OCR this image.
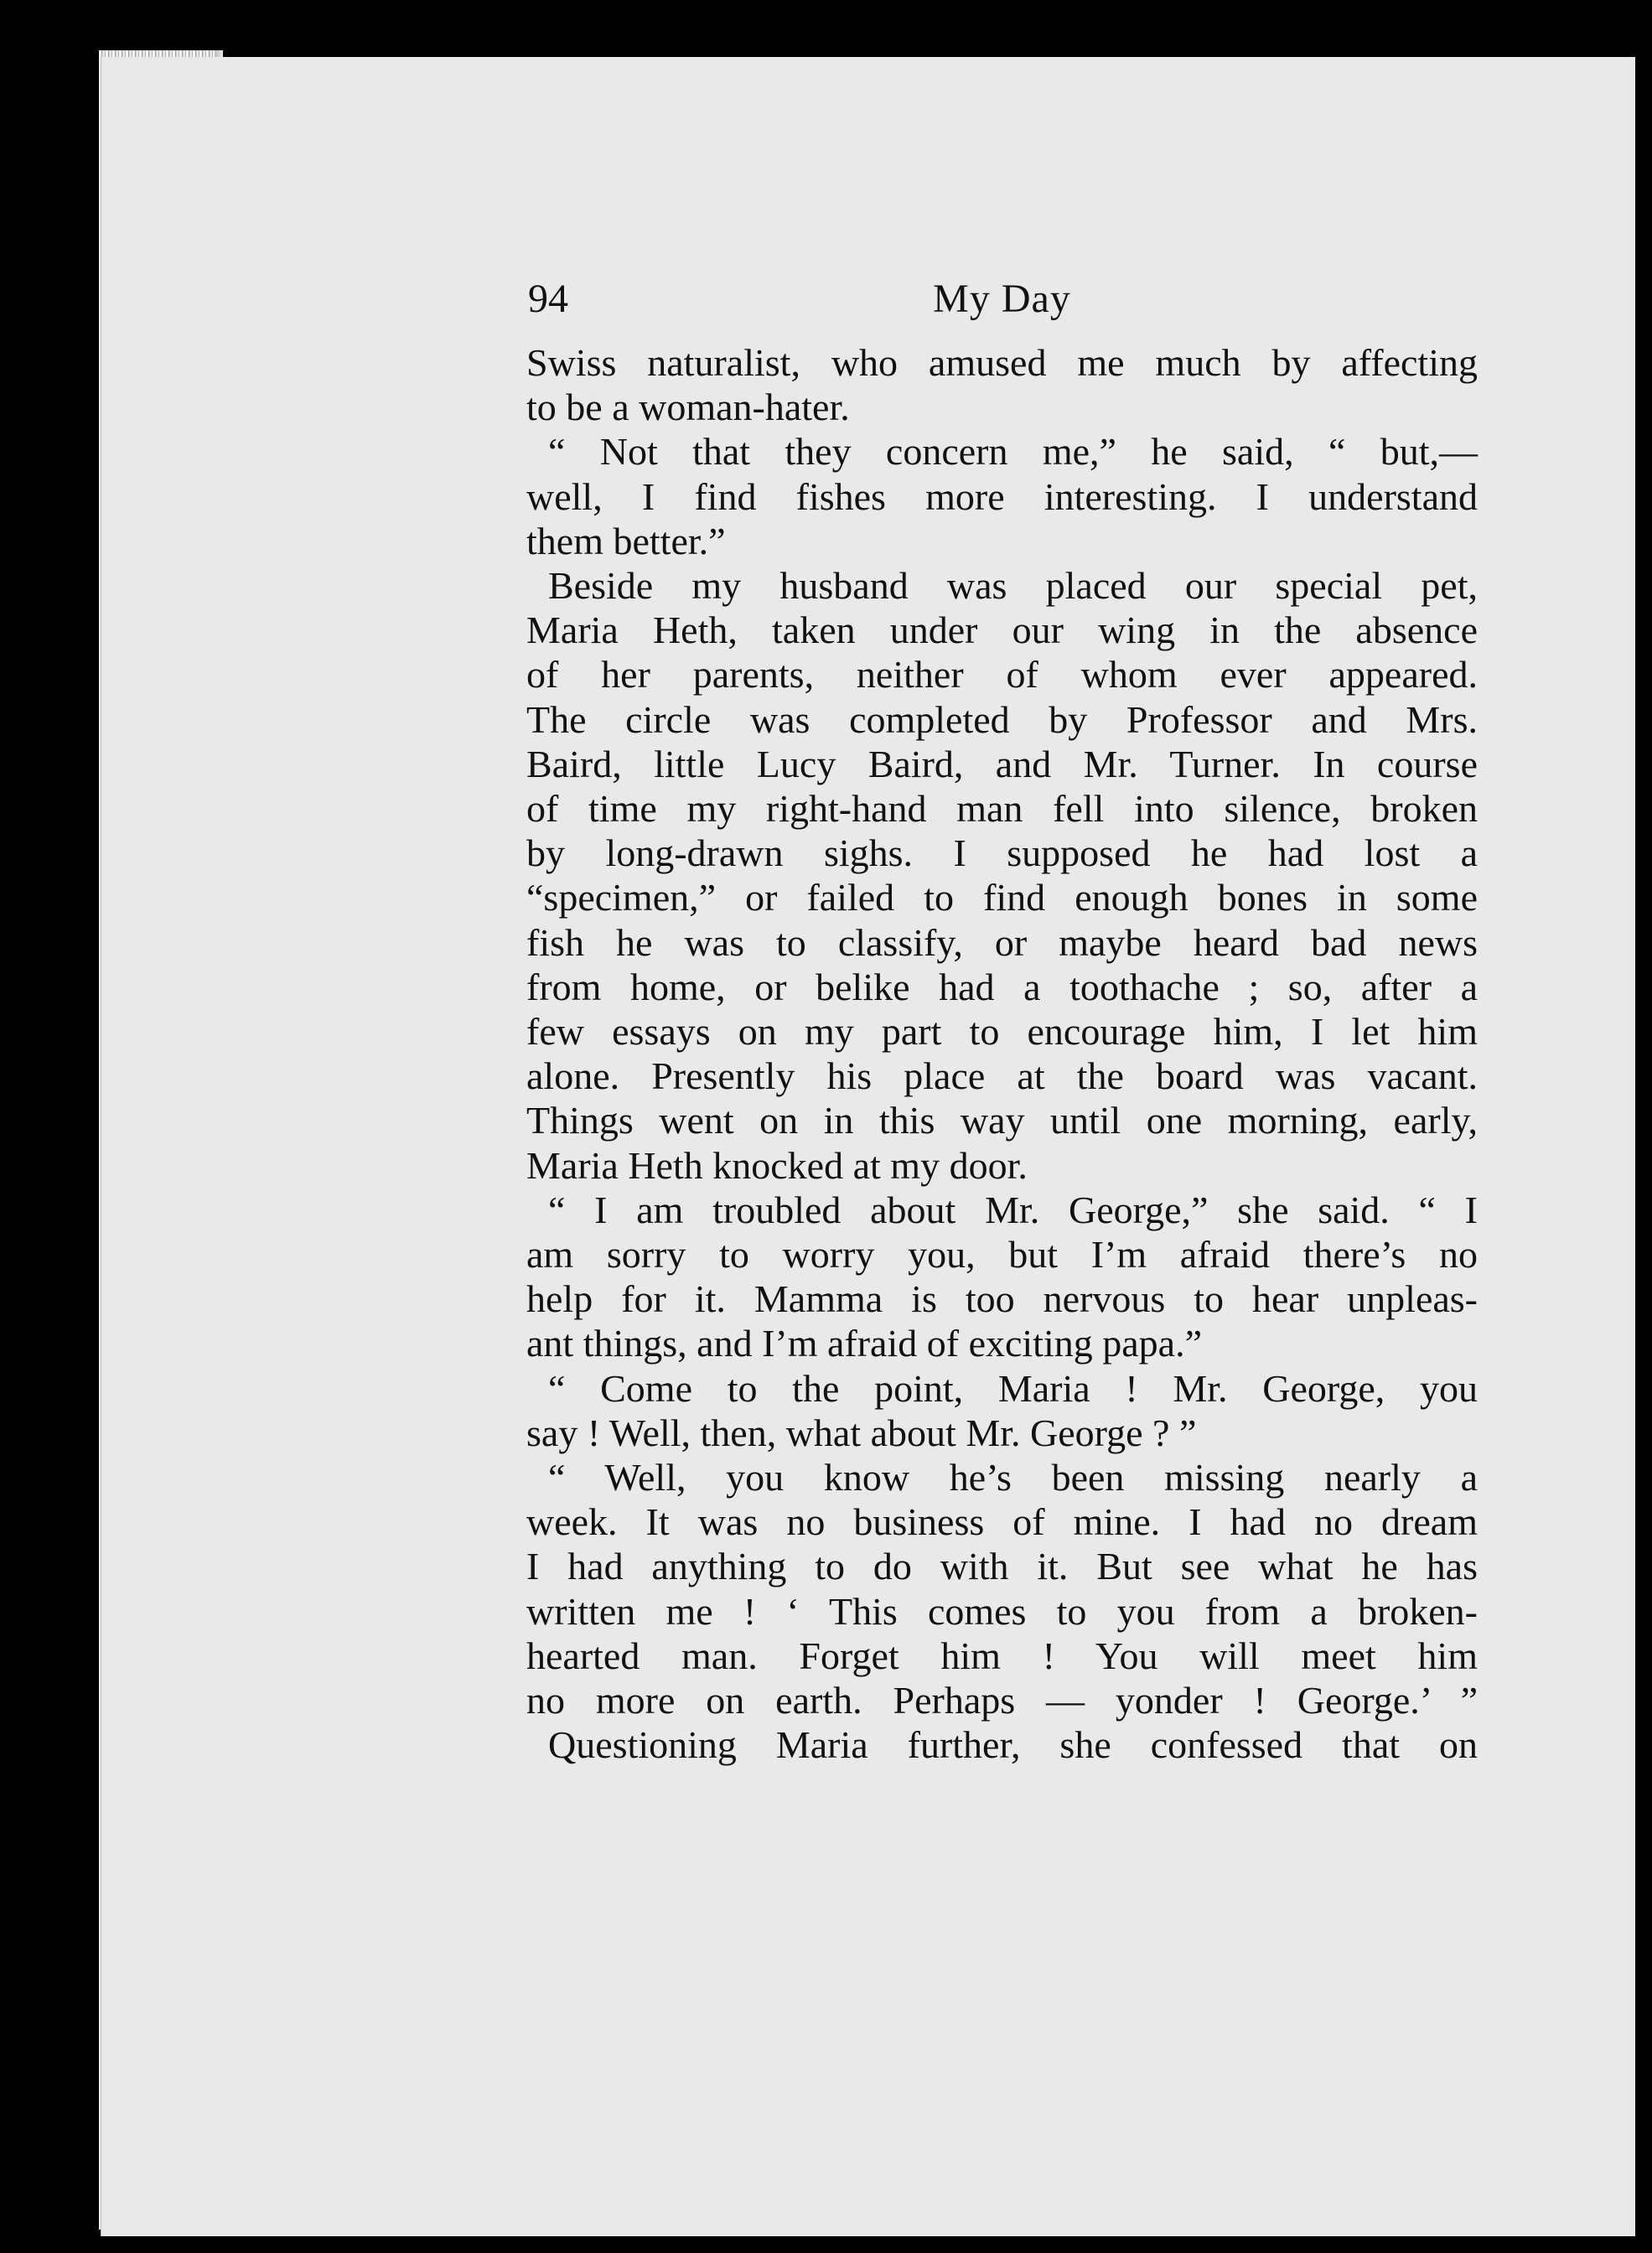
94	My Day
Swiss naturalist, who amused me much by affecting
to be a woman-hater.
“ Not that they concern me,” he said, “ but,—
well, I find fishes more interesting. I understand
them better.”
Beside my husband was placed our special pet,
Maria Heth, taken under our wing in the absence
of her parents, neither of whom ever appeared.
The circle was completed by Professor and Mrs.
Baird, little Lucy Baird, and Mr. Turner. In course
of time my right-hand man fell into silence, broken
by long-drawn sighs. I supposed he had lost a
“specimen,” or failed to find enough bones in some
fish he was to classify, or maybe heard bad news
from home, or belike had a toothache ; so, after a
few essays on my part to encourage him, I let him
alone. Presently his place at the board was vacant.
Things went on in this way until one morning, early,
Maria Heth knocked at my door.
“ I am troubled about Mr. George,” she said. “ I
am sorry to worry you, but I’m afraid there’s no
help for it. Mamma is too nervous to hear unpleas-
ant things, and I’m afraid of exciting papa.”
“ Come to the point, Maria ! Mr. George, you
say ! Well, then, what about Mr. George ? ”
“ Well, you know he’s been missing nearly a
week. It was no business of mine. I had no dream
I had anything to do with it. But see what he has
written me ! ‘ This comes to you from a broken-
hearted man. Forget him ! You will meet him
no more on earth. Perhaps — yonder ! George.’ ”
Questioning Maria further, she confessed that on
